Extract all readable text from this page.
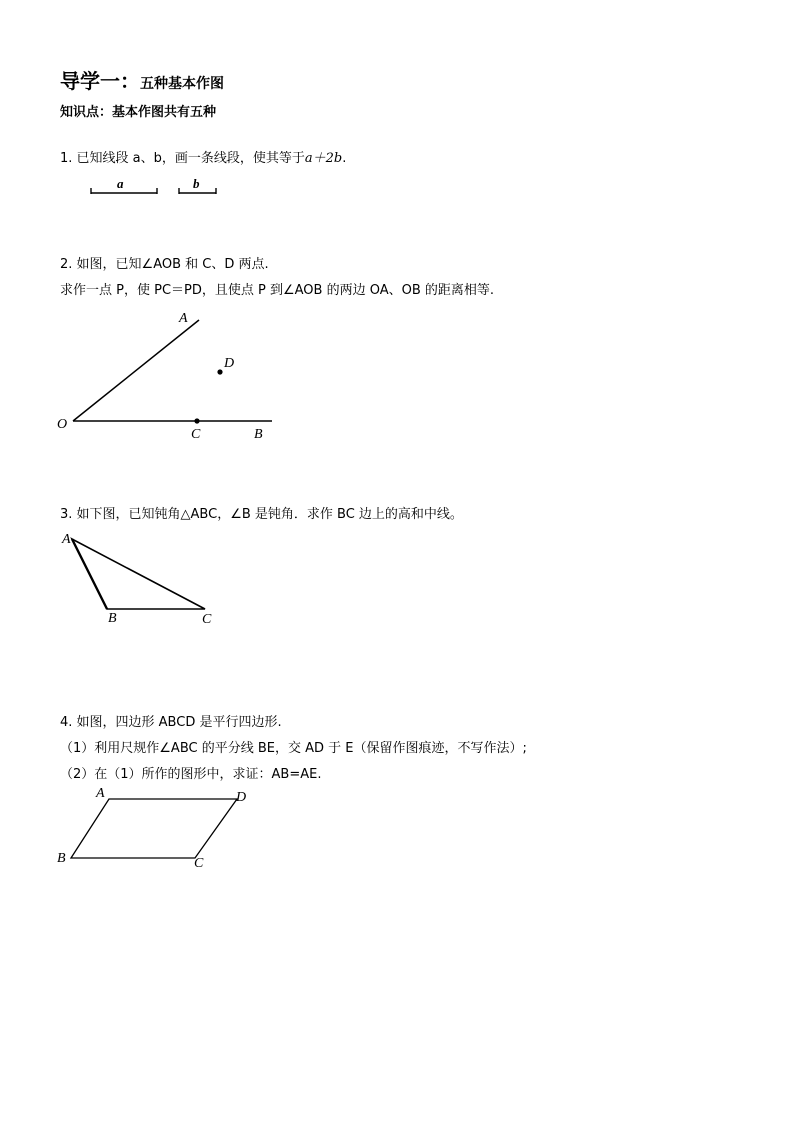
导学一：五种基本作图
知识点：基本作图共有五种
1. 已知线段 a、b，画一条线段，使其等于a＋2b.
a	b
2. 如图，已知∠AOB 和 C、D 两点.
求作一点 P，使 PC＝PD，且使点 P 到∠AOB 的两边 OA、OB 的距离相等.
A
D
O
C	B
3. 如下图，已知钝角△ABC，∠B 是钝角．求作 BC 边上的高和中线。
A
B	C
4. 如图，四边形 ABCD 是平行四边形.
（1）利用尺规作∠ABC 的平分线 BE，交 AD 于 E（保留作图痕迹，不写作法）;
（2）在（1）所作的图形中，求证：AB=AE.
A	D
B	C
